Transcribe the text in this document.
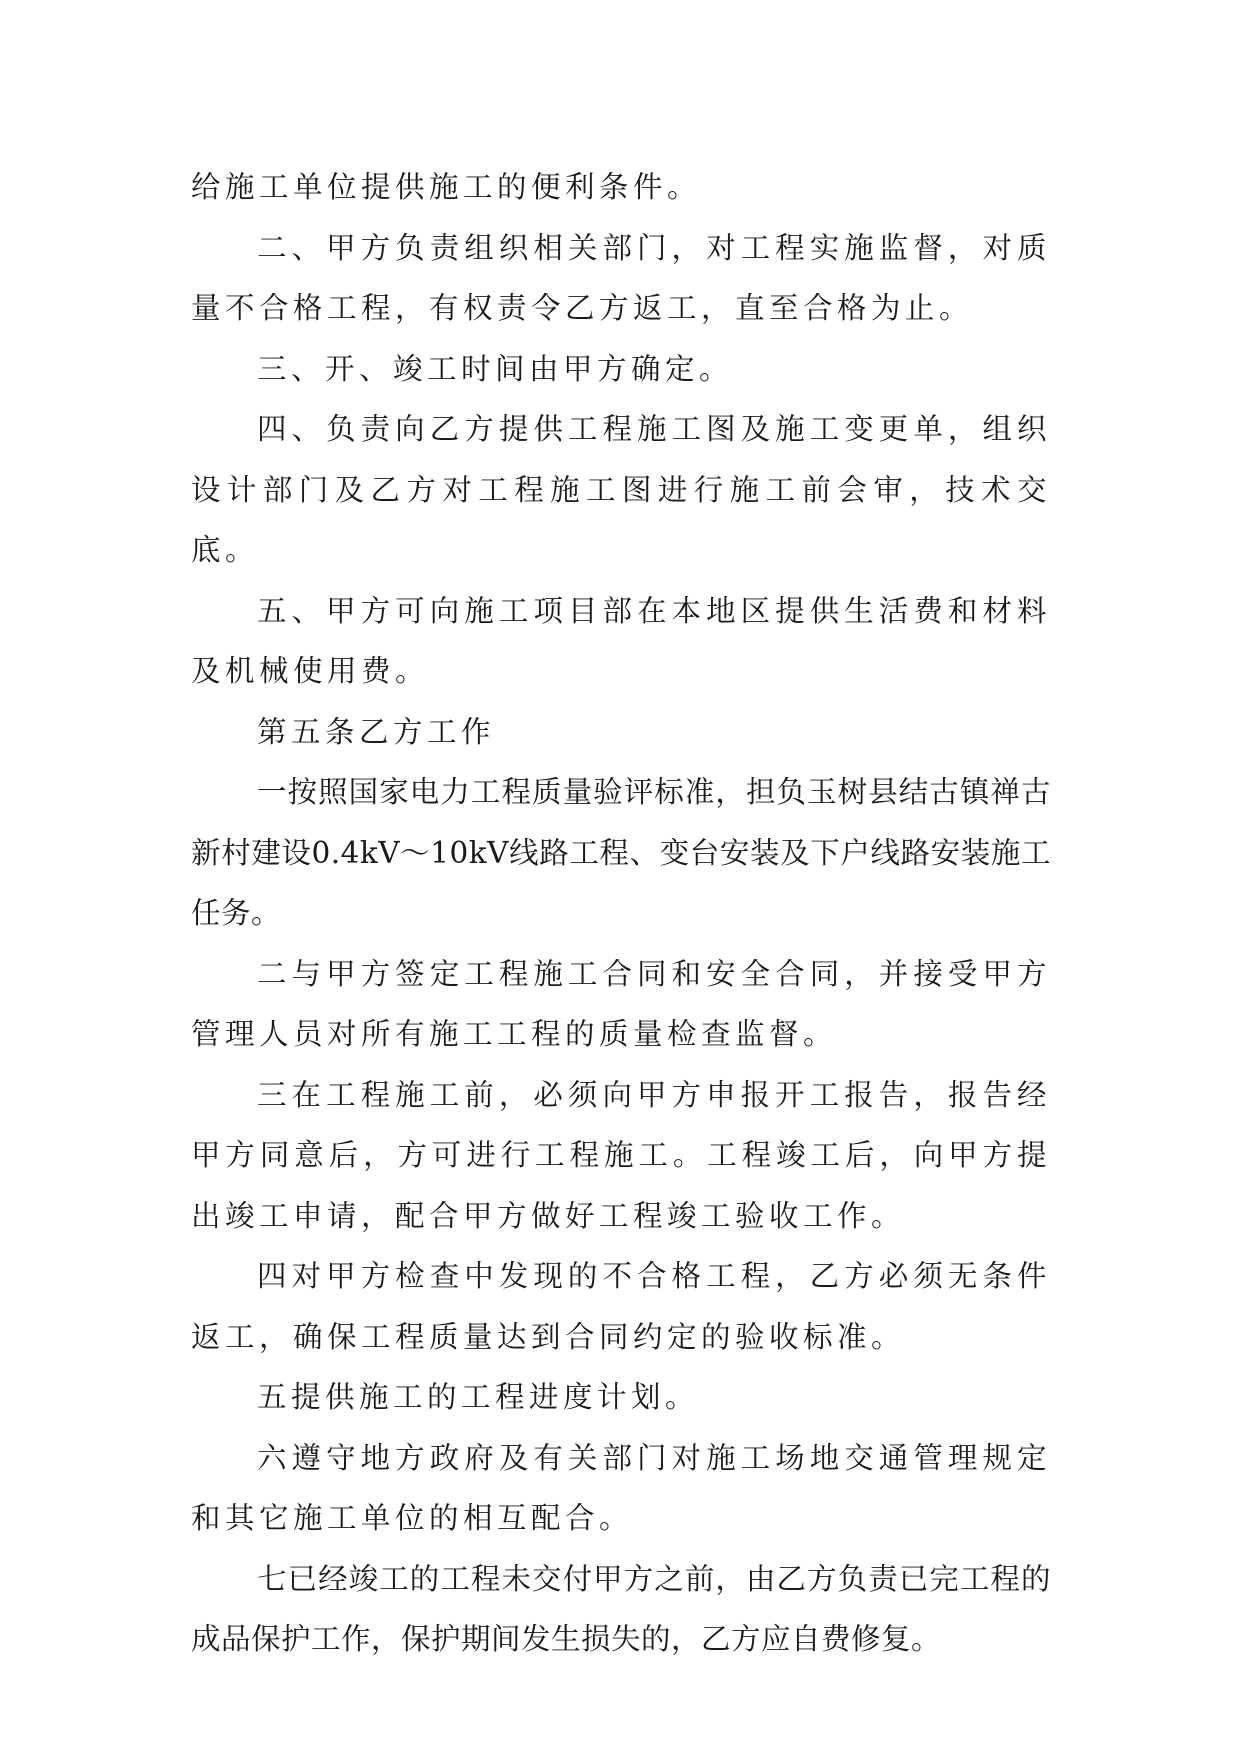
给施工单位提供施工的便利条件。

二、甲方负责组织相关部门，对工程实施监督，对质量不合格工程，有权责令乙方返工，直至合格为止。

三、开、竣工时间由甲方确定。

四、负责向乙方提供工程施工图及施工变更单，组织设计部门及乙方对工程施工图进行施工前会审，技术交底。

五、甲方可向施工项目部在本地区提供生活费和材料及机械使用费。

第五条乙方工作

一按照国家电力工程质量验评标准，担负玉树县结古镇禅古新村建设0.4kV～10kV线路工程、变台安装及下户线路安装施工任务。

二与甲方签定工程施工合同和安全合同，并接受甲方管理人员对所有施工工程的质量检查监督。

三在工程施工前，必须向甲方申报开工报告，报告经甲方同意后，方可进行工程施工。工程竣工后，向甲方提出竣工申请，配合甲方做好工程竣工验收工作。

四对甲方检查中发现的不合格工程，乙方必须无条件返工，确保工程质量达到合同约定的验收标准。

五提供施工的工程进度计划。

六遵守地方政府及有关部门对施工场地交通管理规定和其它施工单位的相互配合。

七已经竣工的工程未交付甲方之前，由乙方负责已完工程的成品保护工作，保护期间发生损失的，乙方应自费修复。
